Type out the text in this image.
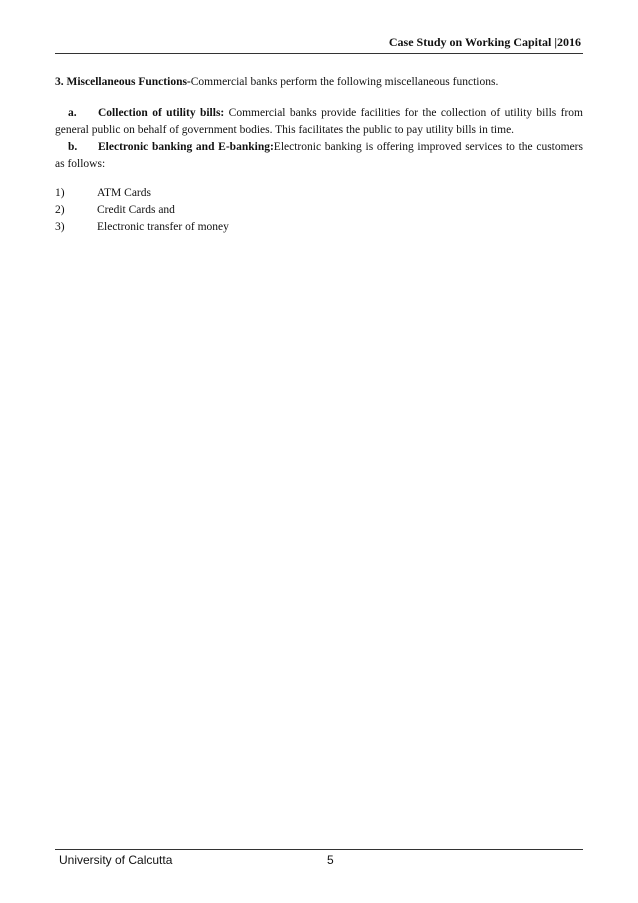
Case Study on Working Capital |2016

3. Miscellaneous Functions-Commercial banks perform the following miscellaneous functions.

a. Collection of utility bills: Commercial banks provide facilities for the collection of utility bills from general public on behalf of government bodies. This facilitates the public to pay utility bills in time.

b. Electronic banking and E-banking:Electronic banking is offering improved services to the customers as follows:

1)	ATM Cards
2)	Credit Cards and
3)	Electronic transfer of money
University of Calcutta	5
